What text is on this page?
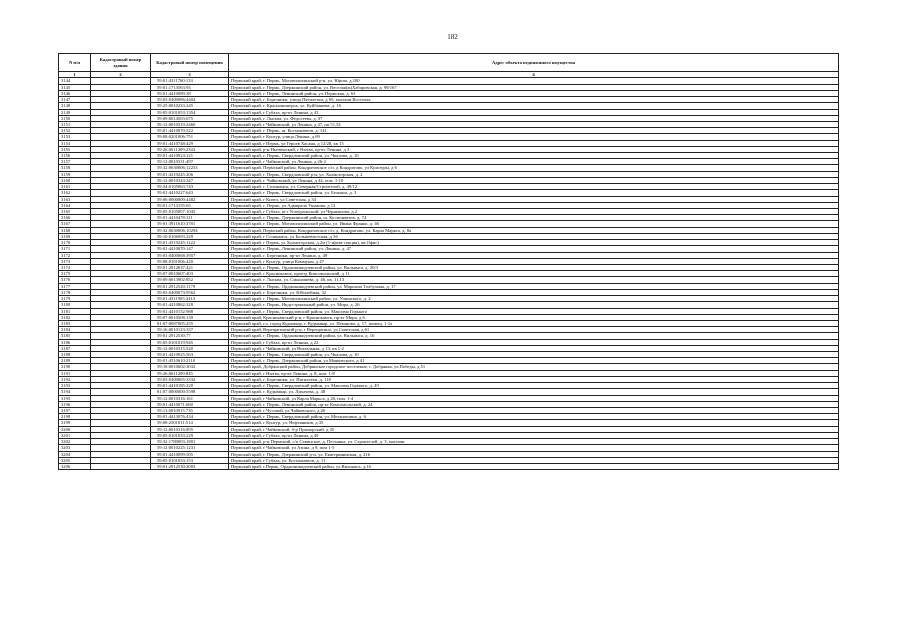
182
N п/п	Кадастровый номер здания	Кадастровый номер помещения	Адрес объекта недвижимого имущества
1	2	3	4
3144		59:01:4311760:133	Пермский край, г. Пермь, Мотовилихинский р-н, ул. Юрша, д.100
3145		59:01:1713563:93	Пермский край, г. Пермь, Дзержинский район, ул. Веселая(ж)Хабаровская, д. 99/167
3146		59:01:4410089:38	Пермский край, г. Пермь, Ленинский район, ул. Пермская, д. 63
3147		59:03:0400086:4404	Пермский край, г. Березники, улица Пятилетки, д 69, магазин Восточка
3148		59:25:0010233:245	Пермский край, г. Красновишерск, ул. Куйбышева, д. 16
3149		59:05:0101053:1354	Пермский край, г Губаха, пр-кт Ленина, д 43
3150		59:09:0014503:675	Пермский край, г. Лысьва, ул. Федосеева, д. 37
3151		59:12:0010319:2460	Пермский край, г Чайковский, ул Ленина, д 47, пп 51,52
3152		59:01:4410070:522	Пермский край, г. Пермь, ш. Космонавтов, д. 141
3153		59:08:0201006:751	Пермский край, г Кунгур, улица Ленина, д.69
3154		59:01:4410748:429	Пермский край, г Пермь, ул Героев Хасана, д 12/28, кв 15
3155		59:26:0611209:2343	Пермский край, р-н Нытвенский, г Нытва, пр-кт Ленина, д 3
3156		59:01:4410924:121	Пермский край, г. Пермь, Свердловский район, ул. Чкалова, д. 10
3157		59:12:0010331:497	Пермский край, г Чайковский, ул Ленина, д 26-2
3158		59:32:0630006:12233	Пермский край, Пермский район, Кондратовское с/п, д Кондратово, ул Культуры, д 6
3159		59:01:4319245:206	Пермский край, г. Пермь, Свердловский р-н, ул. Холмогорская, д. 2
3160		59:12:0010343:347	Пермский край, г. Чайковский, ул Ленина, д 44, пом. 1-10
3161		59:34:0105063:743	Пермский край, г. Соликамск, ул. Северная/Строителей, д. 49/12
3162		59:01:4410227:643	Пермский край, г. Пермь, Свердловский район, ул. Белинта, д. 3
3163		59:06:0000000:4482	Пермский край, г Кизел, ул Советская, д 34
3164		59:01:1713155:65	Пермский край, г. Пермь, ул Адмирала Ушакова, д 13
3165		59:05:0105007:1045	Пермский край, г Губаха, пгт Углеуральский, ул Чернышова, д.2
3166		59:01:4410478:311	Пермский край, г. Пермь, Дзержинский район, ш. Космонавтов, д. 74
3167		59:01:3911610:3781	Пермский край, г. Пермь, Мотовилихинский район, ул. Ивана Франко, д. 46
3168		59:32:0630006:10294	Пермский край, Пермский район, Кондратовское с/п, д. Кондратово, ул. Карла Маркса, д. 8а
3169		59:10:0106093:229	Пермский край, г Соликамск, ул Большевистская, д 36
3170		59:01:4319245:1122	Пермский край, г Пермь, ул Холмогорская, д.2м (1-я(ком-секция), кв.Офис)
3171		59:01:4410070:147	Пермский край, г. Пермь, Ленинский район, ул. Ленина, д. 47
3172		59:03:0400068:3957	Пермский край, г. Березники, пр-кт Ленина, д. 49
3173		59:08:0101006:420	Пермский край, г Кунгур, улица Коммуны, д 47
3174		59:01:2912637:421	Пермский край, г. Пермь, Орджоникидзевский район, ул. Вильямса, д. 20/3
3175		59:07:0010607:403	Пермский край, г Краснокамск, проезд Комсомольский, д 11
3176		59:09:0013902:852	Пермский край, г. Лысьва, ул. Смышляева, д. 46, кв. 11,13
3177		59:01:2912520:1179	Пермский край, г. Пермь, Орджоникидзевский район, ул. Маршала Толбухина, д. 17
3178		59:03:0400073:9562	Пермский край, г. Березники, ул. Юбилейная, 32
3179		59:01:4311905:3413	Пермский край, г. Пермь, Мотовилихинский район, ул. Ушинского, д. 2
3180		59:01:4410862:328	Пермский край, г. Пермь, Индустриальный район, ул. Мира, д. 26
3181		59:01:4410152:988	Пермский край, г. Пермь, Свердловский район, ул. Максима Горького
3182		59:07:0010508:139	Пермский край, Краснокамский р-н, г Краснокамск, пр-кт Мира, д 6
3183		81:07:0087005:255	Пермский край, г.о. город Кудымкар, г. Кудымкар, ул. Пеканова, д. 17, помещ. 1-1а
3184		59:16:0010123:337	Пермский край, Верещагинский р-н, г Верещагино, ул Советская, д 61
3185		59:01:2912530:77	Пермский край, г. Пермь, Орджоникидзевский район, ул. Вильямса, д. 16
3186		59:05:0101019:945	Пермский край, г Губаха, пр-кт Ленина, д 22
3187		59:12:0010315:520	Пермский край, г Чайковский, ул Вокзальная, д 13, кв 1-2
3188		59:01:4410925:563	Пермский край, г. Пермь, Свердловский район, ул. Чкалова, д. 10
3189		59:01:4510610:2110	Пермский край, г. Пермь, Дзержинский район, ул Маяковского, д 41
3190		59:18:0010602:3032	Пермский край, Добрянский район, Добрянское городское поселение, г. Добрянка, ул.Победы, д.51
3191		59:26:0611209:845	Пермский край, г Нытва, пр-кт Ленина, д. 8, пом. 1-8
3192		59:03:0400065:3332	Пермский край, г. Березники, ул. Пятилетки, д. 118
3193		59:01:4410185:220	Пермский край, г. Пермь, Свердловский район, ул. Максима Горького, д. 49
3194		81:07:0000000:5598	Пермский край, г. Кудымкар, ул. Лихачева, д. 48
3195		59:12:0010316:161	Пермский край, г Чайковский, ул Карла Маркса, д 26, пом. 1-4
3196		59:01:4410071:660	Пермский край, г. Пермь, Ленинский район, пр-кт Комсомольский, д. 24
3197		59:11:0010915:735	Пермский край, г Чусовой, ул Чайковского, д 20
3198		59:01:4413076:434	Пермский край, г. Пермь, Свердловский район, ул. Механошина, д. 6
3199		59:08:2501011:514	Пермский край, г Кунгур, ул. Нефтяников, д.35
3200		59:12:0010316:895	Пермский край, г Чайковский, б-р Приморский, д 45
3201		59:05:0101033:229	Пермский край, г Губаха, пр-кт Ленина, д 49
3202		59:32:1780003:1801	Пермский край, р-н Пермский, с/п Савинское, д. Песьянка, ул. Строителей, д. 3, магазин
3203		59:12:0010225:1231	Пермский край, г Чайковский, ул Азина, д 9, пом 1-5
3204		59:01:4410099:505	Пермский край, г. Пермь, Дзержинский р-н, ул. Екатерининская, д. 216
3205		59:05:0101033:153	Пермский край, г Губаха, ул. Космонавтов, д. 11
3206		59:01:2912530:2003	Пермский край, г.Пермь, Орджоникидзевский район, ул.Вильямса, д.16
